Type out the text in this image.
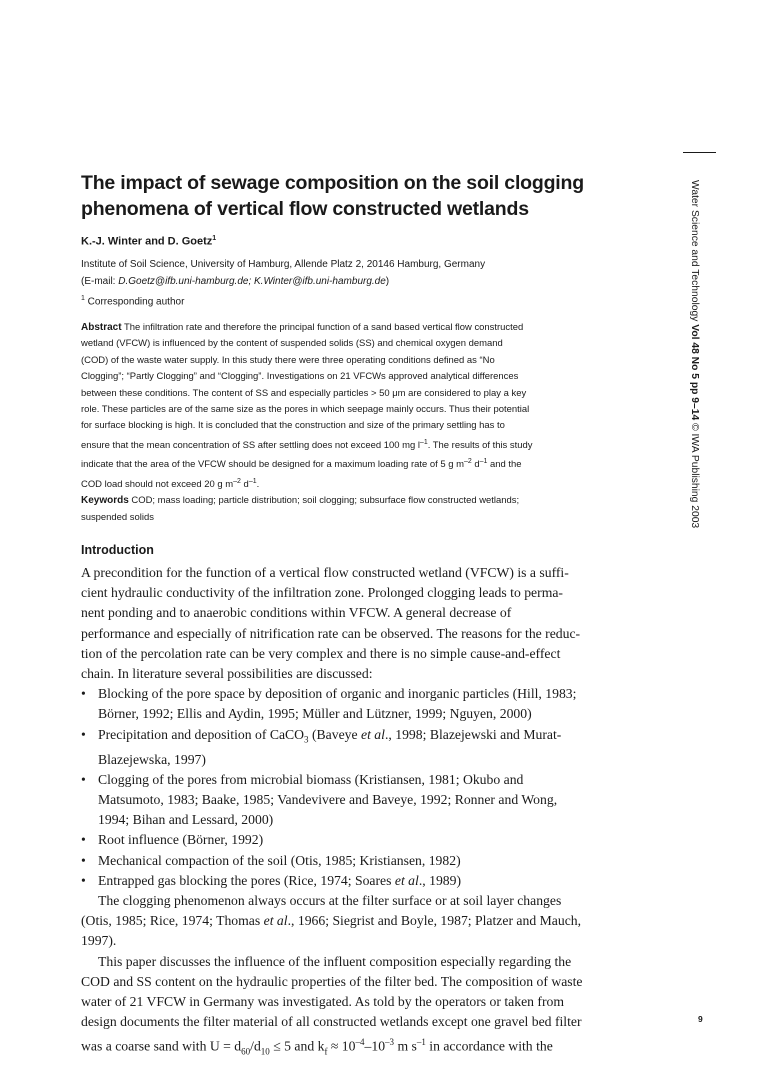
The impact of sewage composition on the soil clogging
phenomena of vertical flow constructed wetlands
K.-J. Winter and D. Goetz$^1$
Institute of Soil Science, University of Hamburg, Allende Platz 2, 20146 Hamburg, Germany
(E-mail: D.Goetz@ifb.uni-hamburg.de; K.Winter@ifb.uni-hamburg.de)
$^1$ Corresponding author
Abstract The infiltration rate and therefore the principal function of a sand based vertical flow constructed
wetland (VFCW) is influenced by the content of suspended solids (SS) and chemical oxygen demand
(COD) of the waste water supply. In this study there were three operating conditions defined as “No
Clogging”; “Partly Clogging” and “Clogging”. Investigations on 21 VFCWs approved analytical differences
between these conditions. The content of SS and especially particles > 50 μm are considered to play a key
role. These particles are of the same size as the pores in which seepage mainly occurs. Thus their potential
for surface blocking is high. It is concluded that the construction and size of the primary settling has to
ensure that the mean concentration of SS after settling does not exceed 100 mg $l^{-1}$. The results of this study
indicate that the area of the VFCW should be designed for a maximum loading rate of 5 g $m^{-2}$ $d^{-1}$ and the
COD load should not exceed 20 g $m^{-2}$ $d^{-1}$.
Keywords COD; mass loading; particle distribution; soil clogging; subsurface flow constructed wetlands;
suspended solids
Introduction
A precondition for the function of a vertical flow constructed wetland (VFCW) is a suffi-
cient hydraulic conductivity of the infiltration zone. Prolonged clogging leads to perma-
nent ponding and to anaerobic conditions within VFCW. A general decrease of
performance and especially of nitrification rate can be observed. The reasons for the reduc-
tion of the percolation rate can be very complex and there is no simple cause-and-effect
chain. In literature several possibilities are discussed:
• Blocking of the pore space by deposition of organic and inorganic particles (Hill, 1983;
Börner, 1992; Ellis and Aydin, 1995; Müller and Lützner, 1999; Nguyen, 2000)
• Precipitation and deposition of CaCO$_3$ (Baveye et al., 1998; Blazejewski and Murat-
Blazejewska, 1997)
• Clogging of the pores from microbial biomass (Kristiansen, 1981; Okubo and
Matsumoto, 1983; Baake, 1985; Vandevivere and Baveye, 1992; Ronner and Wong,
1994; Bihan and Lessard, 2000)
• Root influence (Börner, 1992)
• Mechanical compaction of the soil (Otis, 1985; Kristiansen, 1982)
• Entrapped gas blocking the pores (Rice, 1974; Soares et al., 1989)
The clogging phenomenon always occurs at the filter surface or at soil layer changes
(Otis, 1985; Rice, 1974; Thomas et al., 1966; Siegrist and Boyle, 1987; Platzer and Mauch,
1997).
This paper discusses the influence of the influent composition especially regarding the
COD and SS content on the hydraulic properties of the filter bed. The composition of waste
water of 21 VFCW in Germany was investigated. As told by the operators or taken from
design documents the filter material of all constructed wetlands except one gravel bed filter
was a coarse sand with $U = d_{60}/d_{10} \le 5$ and $k_f \approx 10^{-4}-10^{-3}$ m $s^{-1}$ in accordance with the
Water Science and Technology Vol 48 No 5 pp 9–14 © IWA Publishing 2003
9
